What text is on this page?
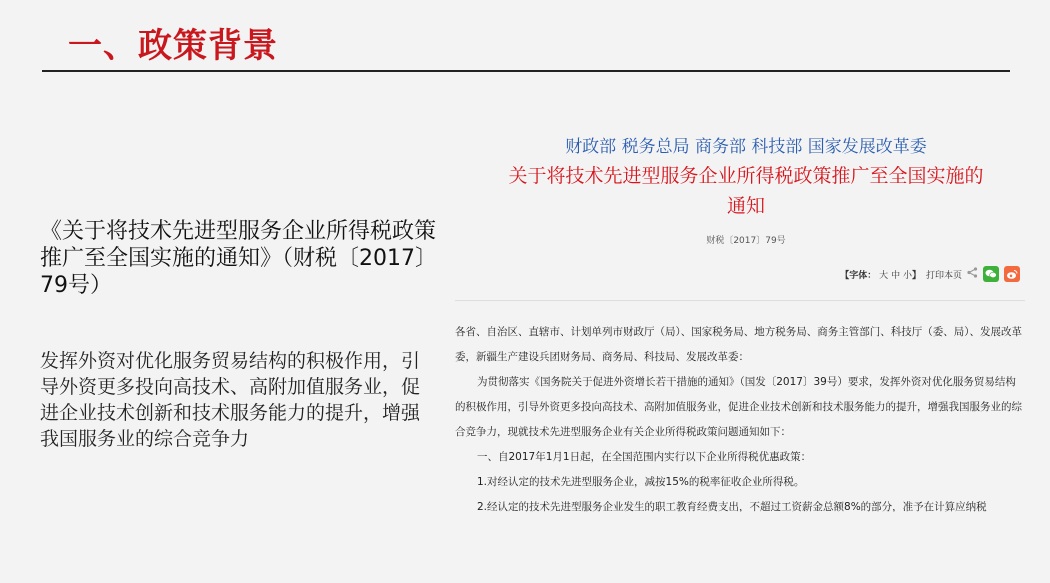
一、政策背景
《关于将技术先进型服务企业所得税政策推广至全国实施的通知》（财税〔2017〕79号）
发挥外资对优化服务贸易结构的积极作用，引导外资更多投向高技术、高附加值服务业，促进企业技术创新和技术服务能力的提升，增强我国服务业的综合竞争力
财政部 税务总局 商务部 科技部 国家发展改革委
关于将技术先进型服务企业所得税政策推广至全国实施的
通知
财税〔2017〕79号
【字体： 大 中 小】 打印本页

各省、自治区、直辖市、计划单列市财政厅（局）、国家税务局、地方税务局、商务主管部门、科技厅（委、局）、发展改革委，新疆生产建设兵团财务局、商务局、科技局、发展改革委：

为贯彻落实《国务院关于促进外资增长若干措施的通知》（国发〔2017〕39号）要求，发挥外资对优化服务贸易结构的积极作用，引导外资更多投向高技术、高附加值服务业，促进企业技术创新和技术服务能力的提升，增强我国服务业的综合竞争力，现就技术先进型服务企业有关企业所得税政策问题通知如下：

一、自2017年1月1日起，在全国范围内实行以下企业所得税优惠政策：

1.对经认定的技术先进型服务企业，减按15%的税率征收企业所得税。

2.经认定的技术先进型服务企业发生的职工教育经费支出，不超过工资薪金总额8%的部分，准予在计算应纳税
